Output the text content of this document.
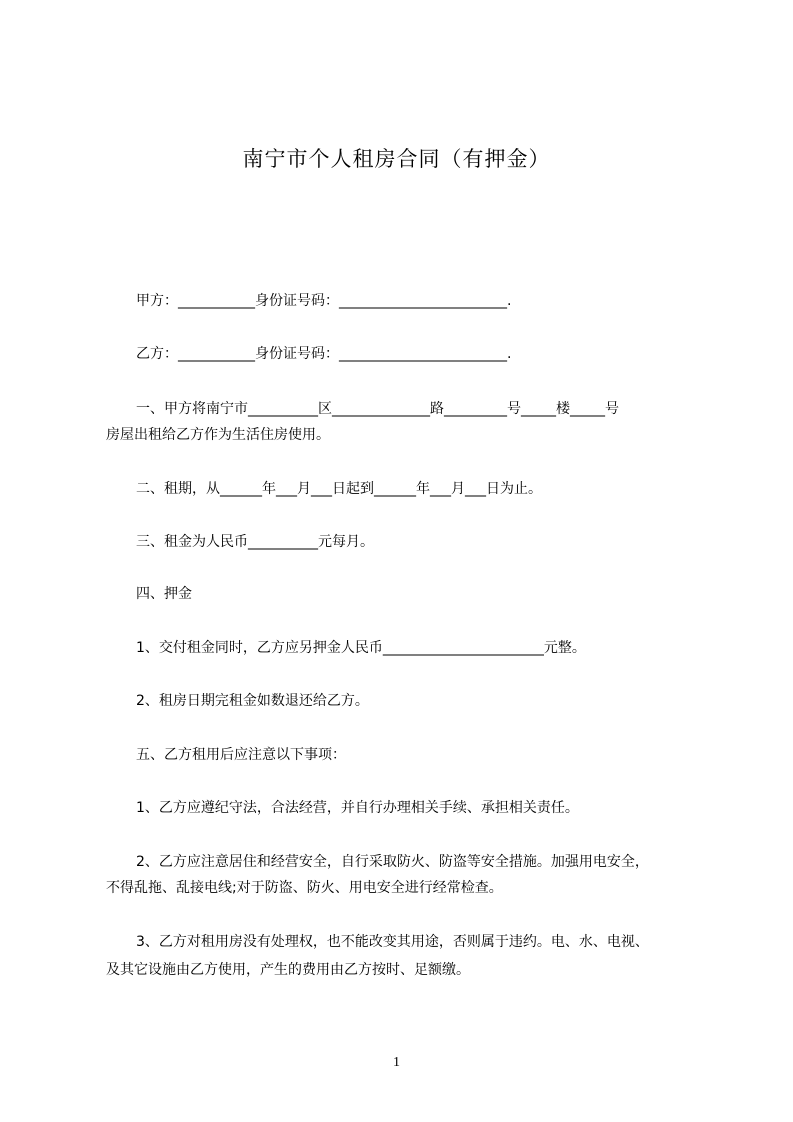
南宁市个人租房合同（有押金）
甲方：___________身份证号码：________________________.
乙方：___________身份证号码：________________________.
一、甲方将南宁市__________区______________路_________号_____楼_____号
房屋出租给乙方作为生活住房使用。
二、租期，从______年___月___日起到______年___月___日为止。
三、租金为人民币__________元每月。
四、押金
1、交付租金同时，乙方应另押金人民币_______________________元整。
2、租房日期完租金如数退还给乙方。
五、乙方租用后应注意以下事项：
1、乙方应遵纪守法，合法经营，并自行办理相关手续、承担相关责任。
2、乙方应注意居住和经营安全，自行采取防火、防盗等安全措施。加强用电安全，
不得乱拖、乱接电线;对于防盗、防火、用电安全进行经常检查。
3、乙方对租用房没有处理权，也不能改变其用途，否则属于违约。电、水、电视、
及其它设施由乙方使用，产生的费用由乙方按时、足额缴。
1
